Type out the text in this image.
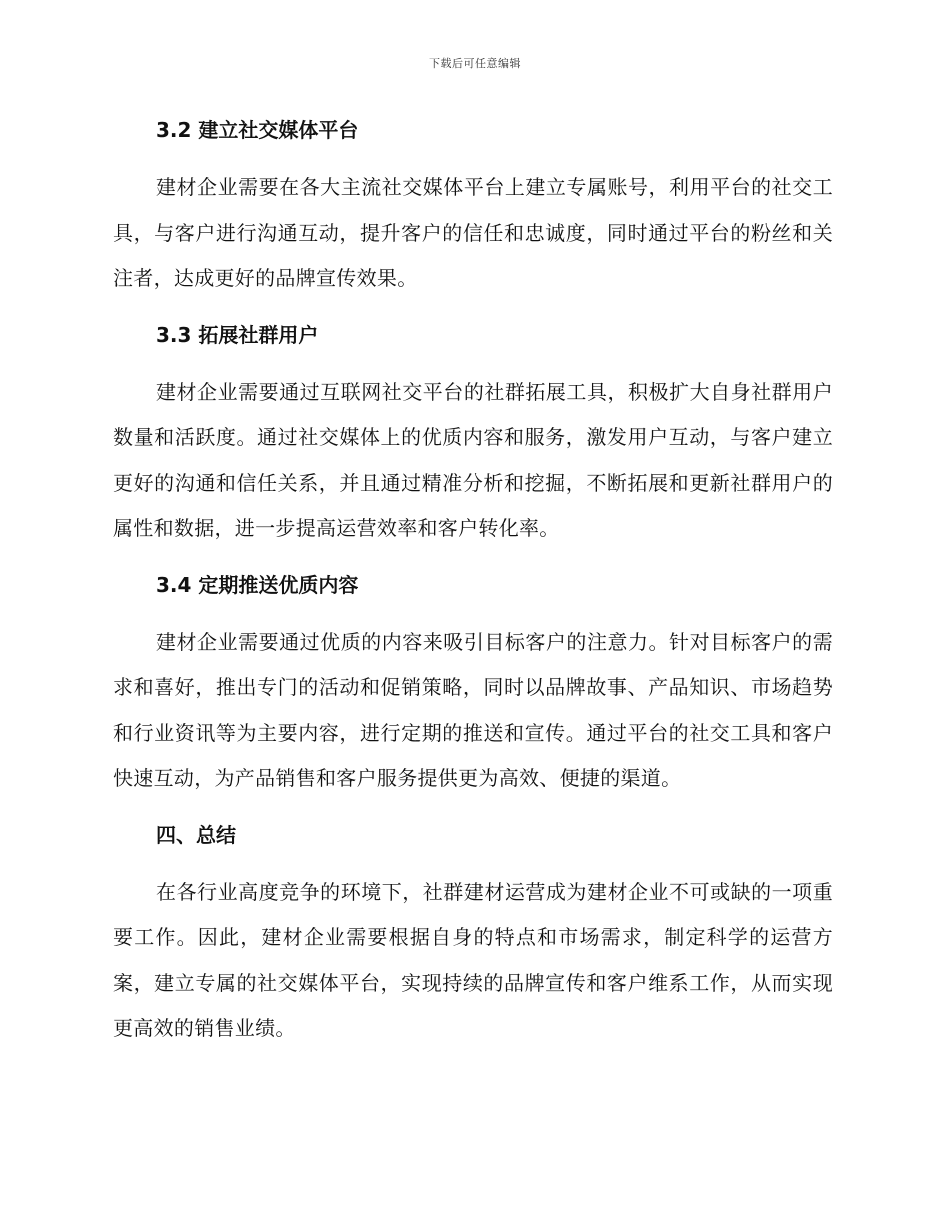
下载后可任意编辑
3.2 建立社交媒体平台

建材企业需要在各大主流社交媒体平台上建立专属账号，利用平台的社交工具，与客户进行沟通互动，提升客户的信任和忠诚度，同时通过平台的粉丝和关注者，达成更好的品牌宣传效果。

3.3 拓展社群用户

建材企业需要通过互联网社交平台的社群拓展工具，积极扩大自身社群用户数量和活跃度。通过社交媒体上的优质内容和服务，激发用户互动，与客户建立更好的沟通和信任关系，并且通过精准分析和挖掘，不断拓展和更新社群用户的属性和数据，进一步提高运营效率和客户转化率。

3.4 定期推送优质内容

建材企业需要通过优质的内容来吸引目标客户的注意力。针对目标客户的需求和喜好，推出专门的活动和促销策略，同时以品牌故事、产品知识、市场趋势和行业资讯等为主要内容，进行定期的推送和宣传。通过平台的社交工具和客户快速互动，为产品销售和客户服务提供更为高效、便捷的渠道。

四、总结

在各行业高度竞争的环境下，社群建材运营成为建材企业不可或缺的一项重要工作。因此，建材企业需要根据自身的特点和市场需求，制定科学的运营方案，建立专属的社交媒体平台，实现持续的品牌宣传和客户维系工作，从而实现更高效的销售业绩。
